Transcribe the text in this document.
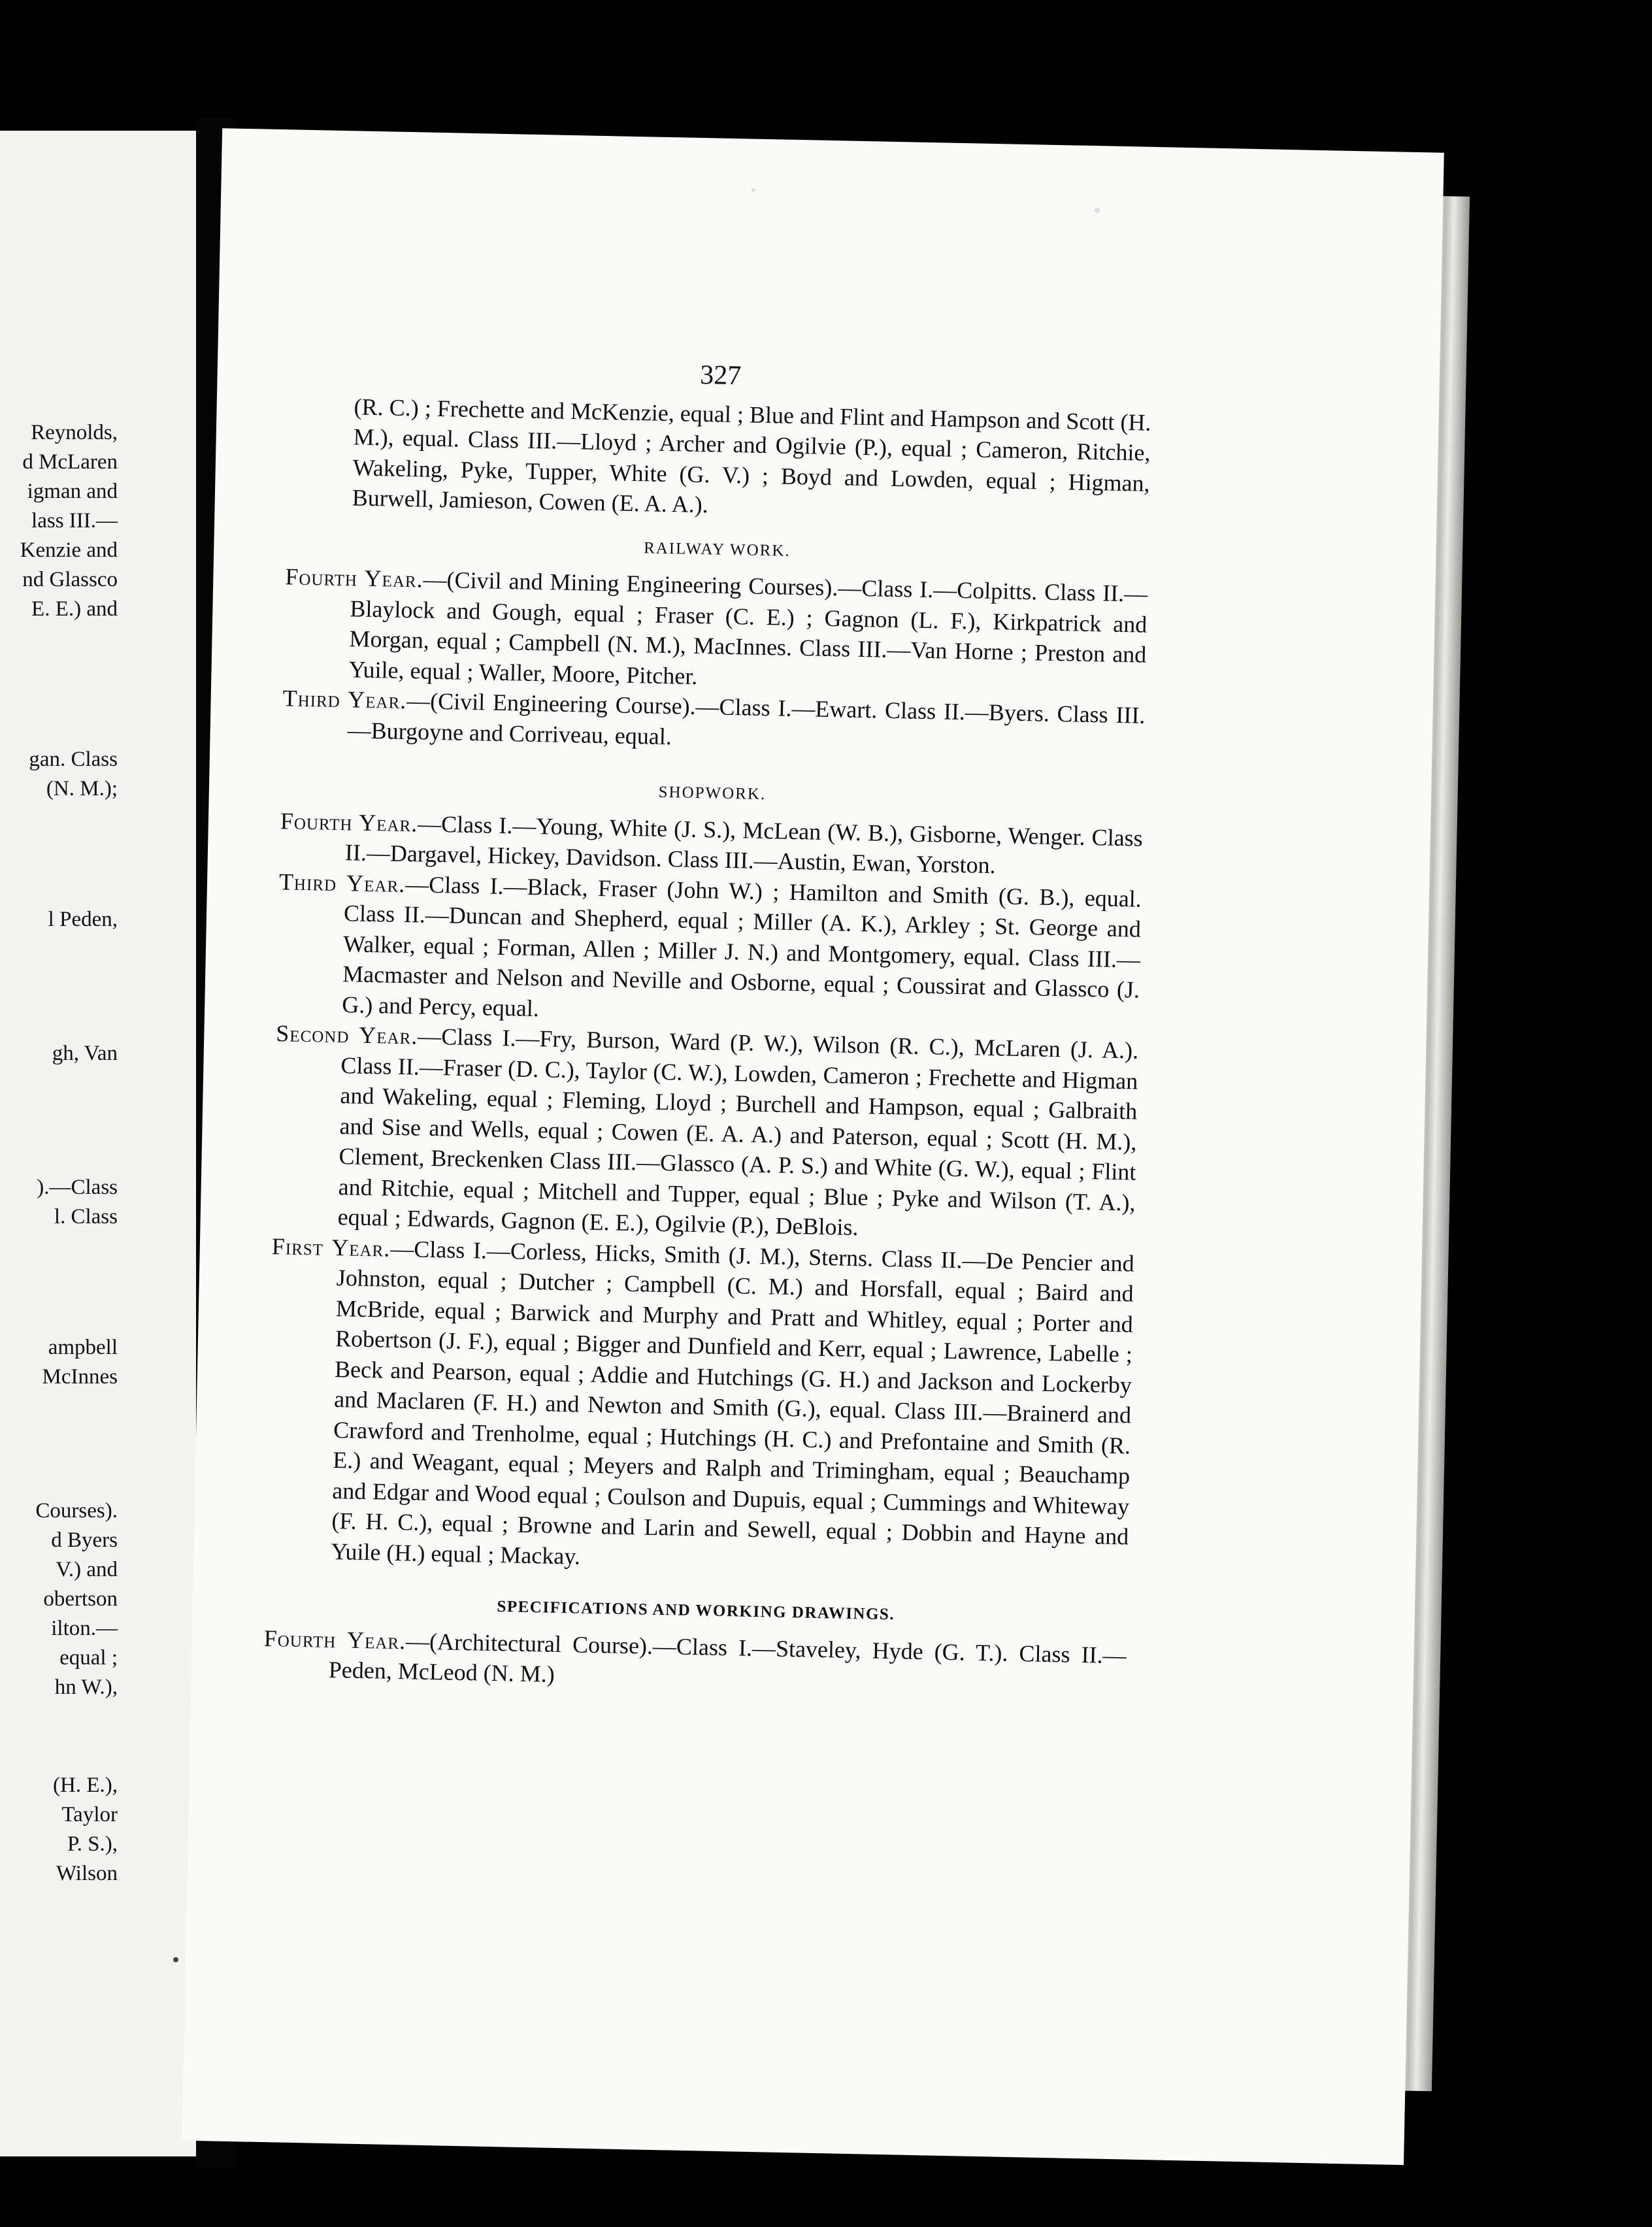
Reynolds,
d McLaren
igman and
lass III.—
Kenzie and
nd Glassco
E. E.) and
gan. Class
(N. M.);
l Peden,
gh, Van
).—Class
l. Class
ampbell
McInnes
Courses).
d Byers
V.) and
obertson
ilton.—
equal ;
hn W.),
(H. E.),
Taylor
P. S.),
Wilson
327

(R. C.) ; Frechette and McKenzie, equal ; Blue and Flint and Hampson and Scott (H. M.), equal. Class III.—Lloyd ; Archer and Ogilvie (P.), equal ; Cameron, Ritchie, Wakeling, Pyke, Tupper, White (G. V.) ; Boyd and Lowden, equal ; Higman, Burwell, Jamieson, Cowen (E. A. A.).

RAILWAY WORK.

Fourth Year.—(Civil and Mining Engineering Courses).—Class I.—Colpitts. Class II.—Blaylock and Gough, equal ; Fraser (C. E.) ; Gagnon (L. F.), Kirkpatrick and Morgan, equal ; Campbell (N. M.), MacInnes. Class III.—Van Horne ; Preston and Yuile, equal ; Waller, Moore, Pitcher.

Third Year.—(Civil Engineering Course).—Class I.—Ewart. Class II.—Byers. Class III.—Burgoyne and Corriveau, equal.

SHOPWORK.

Fourth Year.—Class I.—Young, White (J. S.), McLean (W. B.), Gisborne, Wenger. Class II.—Dargavel, Hickey, Davidson. Class III.—Austin, Ewan, Yorston.

Third Year.—Class I.—Black, Fraser (John W.) ; Hamilton and Smith (G. B.), equal. Class II.—Duncan and Shepherd, equal ; Miller (A. K.), Arkley ; St. George and Walker, equal ; Forman, Allen ; Miller J. N.) and Montgomery, equal. Class III.—Macmaster and Nelson and Neville and Osborne, equal ; Coussirat and Glassco (J. G.) and Percy, equal.

Second Year.—Class I.—Fry, Burson, Ward (P. W.), Wilson (R. C.), McLaren (J. A.). Class II.—Fraser (D. C.), Taylor (C. W.), Lowden, Cameron ; Frechette and Higman and Wakeling, equal ; Fleming, Lloyd ; Burchell and Hampson, equal ; Galbraith and Sise and Wells, equal ; Cowen (E. A. A.) and Paterson, equal ; Scott (H. M.), Clement, Breckenken Class III.—Glassco (A. P. S.) and White (G. W.), equal ; Flint and Ritchie, equal ; Mitchell and Tupper, equal ; Blue ; Pyke and Wilson (T. A.), equal ; Edwards, Gagnon (E. E.), Ogilvie (P.), DeBlois.

First Year.—Class I.—Corless, Hicks, Smith (J. M.), Sterns. Class II.—De Pencier and Johnston, equal ; Dutcher ; Campbell (C. M.) and Horsfall, equal ; Baird and McBride, equal ; Barwick and Murphy and Pratt and Whitley, equal ; Porter and Robertson (J. F.), equal ; Bigger and Dunfield and Kerr, equal ; Lawrence, Labelle ; Beck and Pearson, equal ; Addie and Hutchings (G. H.) and Jackson and Lockerby and Maclaren (F. H.) and Newton and Smith (G.), equal. Class III.—Brainerd and Crawford and Trenholme, equal ; Hutchings (H. C.) and Prefontaine and Smith (R. E.) and Weagant, equal ; Meyers and Ralph and Trimingham, equal ; Beauchamp and Edgar and Wood equal ; Coulson and Dupuis, equal ; Cummings and Whiteway (F. H. C.), equal ; Browne and Larin and Sewell, equal ; Dobbin and Hayne and Yuile (H.) equal ; Mackay.

SPECIFICATIONS AND WORKING DRAWINGS.

Fourth Year.—(Architectural Course).—Class I.—Staveley, Hyde (G. T.). Class II.—Peden, McLeod (N. M.)
